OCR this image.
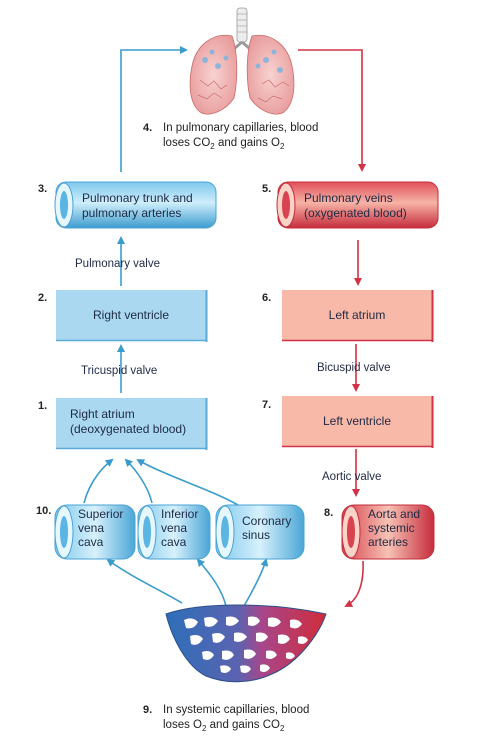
3.
Pulmonary trunk and
pulmonary arteries
4. In pulmonary capillaries, blood
loses $CO_2$ and gains $O_2$
5.
Pulmonary veins
(oxygenated blood)
Pulmonary valve
Tricuspid valve	Bicuspid valve
Aortic valve
2.
Right ventricle
6.
Left atrium
1.
Right atrium
(deoxygenated blood)
7.
Left ventricle
10. Superior
vena
cava
Inferior
vena
cava
Coronary
sinus
8.	Aorta and
systemic
arteries
9. In systemic capillaries, blood
loses $O_2$ and gains $CO_2$
